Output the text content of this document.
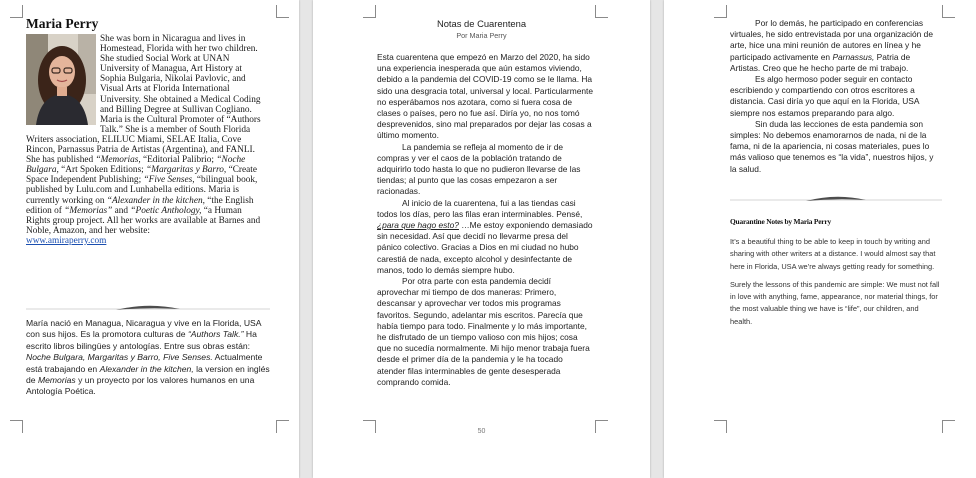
Maria Perry
She was born in Nicaragua and lives in Homestead, Florida with her two children. She studied Social Work at UNAN University of Managua, Art History at Sophia Bulgaria, Nikolai Pavlovic, and Visual Arts at Florida International University. She obtained a Medical Coding and Billing Degree at Sullivan Cogliano. Maria is the Cultural Promoter of “Authors Talk.” She is a member of South Florida Writers association, ELILUC Miami, SELAE Italia, Cove Rincon, Parnassus Patria de Artistas (Argentina), and FANLI. She has published “Memorias, “Editorial Palibrio; “Noche Bulgara, “Art Spoken Editions; “Margaritas y Barro, “Create Space Independent Publishing; “Five Senses, “bilingual book, published by Lulu.com and Lunhabella editions. Maria is currently working on “Alexander in the kitchen, “the English edition of “Memorias” and “Poetic Anthology, “a Human Rights group project. All her works are available at Barnes and Noble, Amazon, and her website:
www.amiraperry.com
María nació en Managua, Nicaragua y vive en la Florida, USA con sus hijos. Es la promotora culturas de “Authors Talk.” Ha escrito libros bilingües y antologías. Entre sus obras están: Noche Bulgara, Margaritas y Barro, Five Senses. Actualmente está trabajando en Alexander in the kitchen, la version en inglés de Memorias y un proyecto por los valores humanos en una Antología Poética.
Notas de Cuarentena
Por Maria Perry

Esta cuarentena que empezó en Marzo del 2020, ha sido una experiencia inesperada que aún estamos viviendo, debido a la pandemia del COVID-19 como se le llama. Ha sido una desgracia total, universal y local. Particularmente no esperábamos nos azotara, como si fuera cosa de clases o países, pero no fue así. Diría yo, no nos tomó desprevenidos, sino mal preparados por dejar las cosas a último momento.

La pandemia se refleja al momento de ir de compras y ver el caos de la población tratando de adquirirlo todo hasta lo que no pudieron llevarse de las tiendas; al punto que las cosas empezaron a ser racionadas.

Al inicio de la cuarentena, fui a las tiendas casi todos los días, pero las filas eran interminables. Pensé, ¿para que hago esto? …Me estoy exponiendo demasiado sin necesidad. Así que decidí no llevarme presa del pánico colectivo. Gracias a Dios en mi ciudad no hubo carestiá de nada, excepto alcohol y desinfectante de manos, todo lo demás siempre hubo.

Por otra parte con esta pandemia decidí aprovechar mi tiempo de dos maneras: Primero, descansar y aprovechar ver todos mis programas favoritos. Segundo, adelantar mis escritos. Parecía que había tiempo para todo. Finalmente y lo más importante, he disfrutado de un tiempo valioso con mis hijos; cosa que no sucedía normalmente. Mi hijo menor trabaja fuera desde el primer día de la pandemia y le ha tocado atender filas interminables de gente desesperada comprando comida.

50

Por lo demás, he participado en conferencias virtuales, he sido entrevistada por una organización de arte, hice una mini reunión de autores en línea y he participado activamente en Parnassus, Patria de Artistas. Creo que he hecho parte de mi trabajo.

Es algo hermoso poder seguir en contacto escribiendo y compartiendo con otros escritores a distancia. Casi diría yo que aquí en la Florida, USA siempre nos estamos preparando para algo.

Sin duda las lecciones de esta pandemia son simples: No debemos enamorarnos de nada, ni de la fama, ni de la apariencia, ni cosas materiales, pues lo más valioso que tenemos es “la vida”, nuestros hijos, y la salud.

Quarantine Notes by Maria Perry

It’s a beautiful thing to be able to keep in touch by writing and sharing with other writers at a distance. I would almost say that here in Florida, USA we’re always getting ready for something.

Surely the lessons of this pandemic are simple: We must not fall in love with anything, fame, appearance, nor material things, for the most valuable thing we have is “life”, our children, and health.
